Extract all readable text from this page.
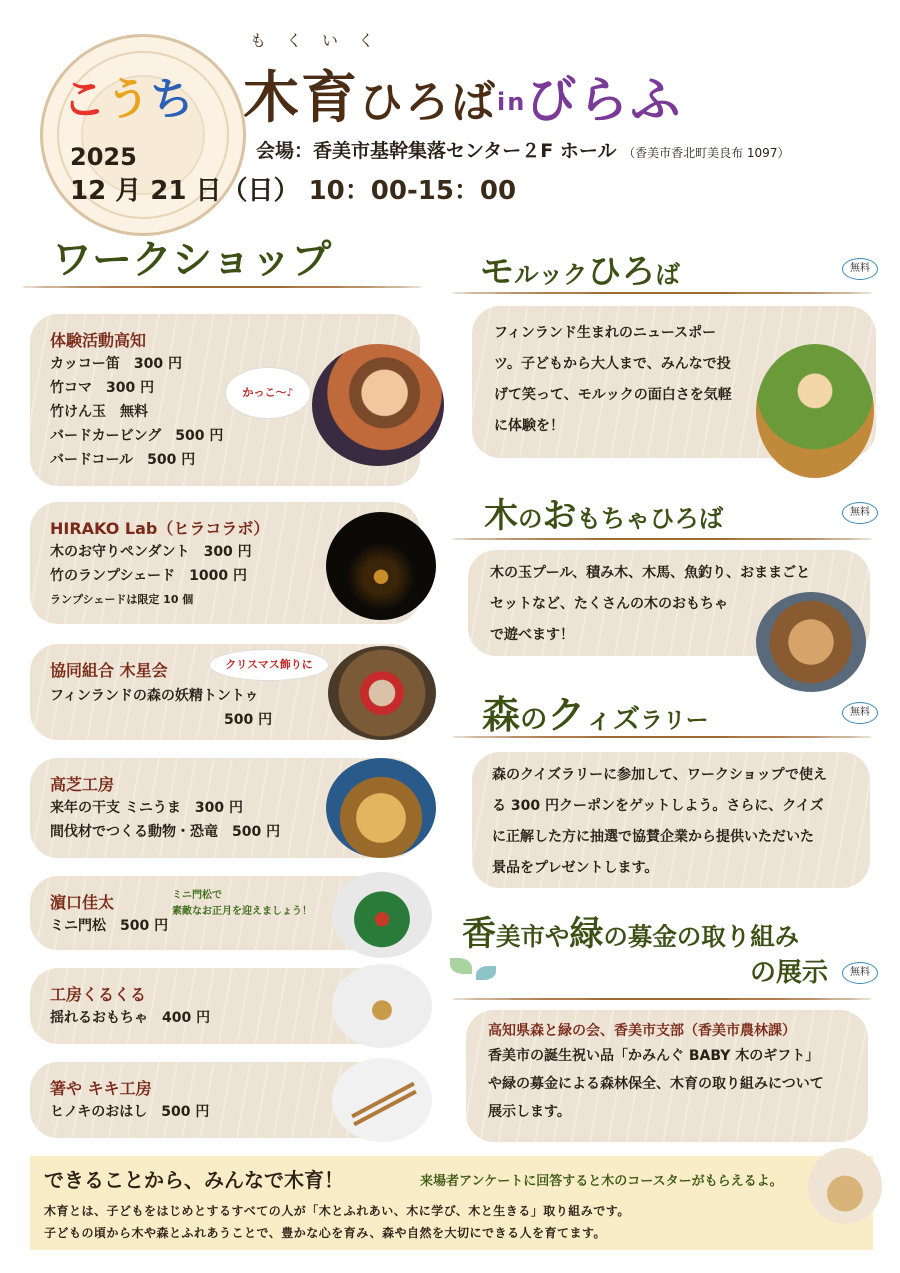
こうち
もくいく
木育ひろばinびらふ
会場：香美市基幹集落センター２F ホール （香美市香北町美良布 1097）
2025
12 月 21 日（日） 10：00-15：00
ワークショップ
体験活動高知
カッコー笛　300 円
竹コマ　300 円
竹けん玉　無料
バードカービング　500 円
バードコール　500 円
かっこ〜♪
HIRAKO Lab（ヒラコラボ）
木のお守りペンダント　300 円
竹のランプシェード　1000 円
ランプシェードは限定 10 個
協同組合 木星会
フィンランドの森の妖精トントゥ
500 円
クリスマス飾りに
高芝工房
来年の干支 ミニうま　300 円
間伐材でつくる動物・恐竜　500 円
濵口佳太
ミニ門松　500 円
ミニ門松で
素敵なお正月を迎えましょう！
工房くるくる
揺れるおもちゃ　400 円
箸や キキ工房
ヒノキのおはし　500 円
モルックひろば	無料
フィンランド生まれのニュースポー
ツ。子どもから大人まで、みんなで投
げて笑って、モルックの面白さを気軽
に体験を！
木のおもちゃひろば	無料
木の玉プール、積み木、木馬、魚釣り、おままごと
セットなど、たくさんの木のおもちゃ
で遊べます！
森のクィズラリー	無料
森のクイズラリーに参加して、ワークショップで使え
る 300 円クーポンをゲットしよう。さらに、クイズ
に正解した方に抽選で協賛企業から提供いただいた
景品をプレゼントします。
香美市や緑の募金の取り組み
の展示	無料
高知県森と緑の会、香美市支部（香美市農林課）
香美市の誕生祝い品「かみんぐ BABY 木のギフト」
や緑の募金による森林保全、木育の取り組みについて
展示します。
できることから、みんなで木育！	来場者アンケートに回答すると木のコースターがもらえるよ。
木育とは、子どもをはじめとするすべての人が「木とふれあい、木に学び、木と生きる」取り組みです。
子どもの頃から木や森とふれあうことで、豊かな心を育み、森や自然を大切にできる人を育てます。
